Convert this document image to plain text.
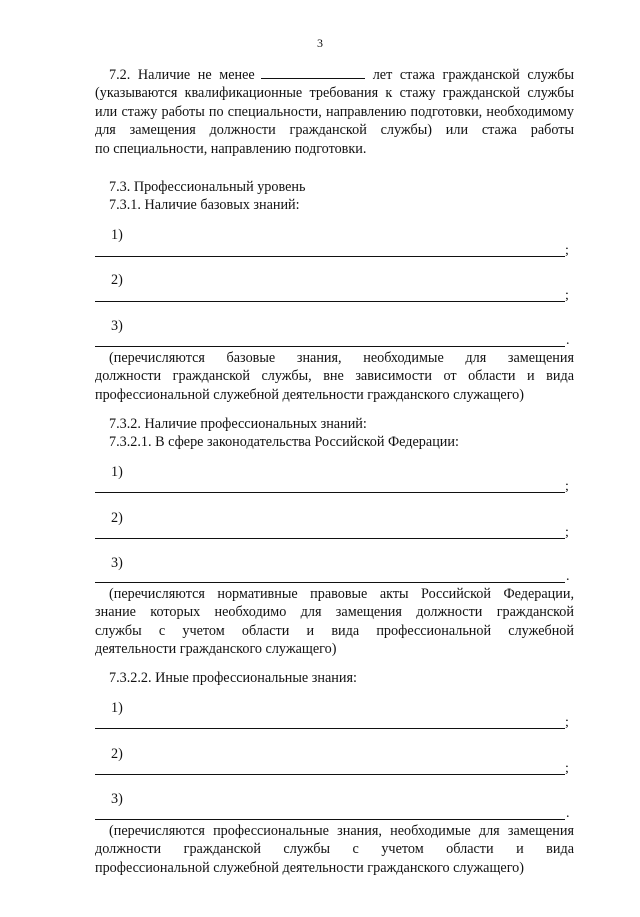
3
7.2. Наличие не менее	лет стажа гражданской службы
(указываются квалификационные требования к стажу гражданской службы
или стажу работы по специальности, направлению подготовки, необходимому
для замещения должности гражданской службы) или стажа работы
по специальности, направлению подготовки.
7.3. Профессиональный уровень
7.3.1. Наличие базовых знаний:
1)
;
2)
;
3)
.
(перечисляются базовые знания, необходимые для замещения
должности гражданской службы, вне зависимости от области и вида
профессиональной служебной деятельности гражданского служащего)
7.3.2. Наличие профессиональных знаний:
7.3.2.1. В сфере законодательства Российской Федерации:
1)
;
2)
;
3)
.
(перечисляются нормативные правовые акты Российской Федерации,
знание которых необходимо для замещения должности гражданской
службы с учетом области и вида профессиональной служебной
деятельности гражданского служащего)
7.3.2.2. Иные профессиональные знания:
1)
;
2)
;
3)
.
(перечисляются профессиональные знания, необходимые для замещения
должности гражданской службы с учетом области и вида
профессиональной служебной деятельности гражданского служащего)
